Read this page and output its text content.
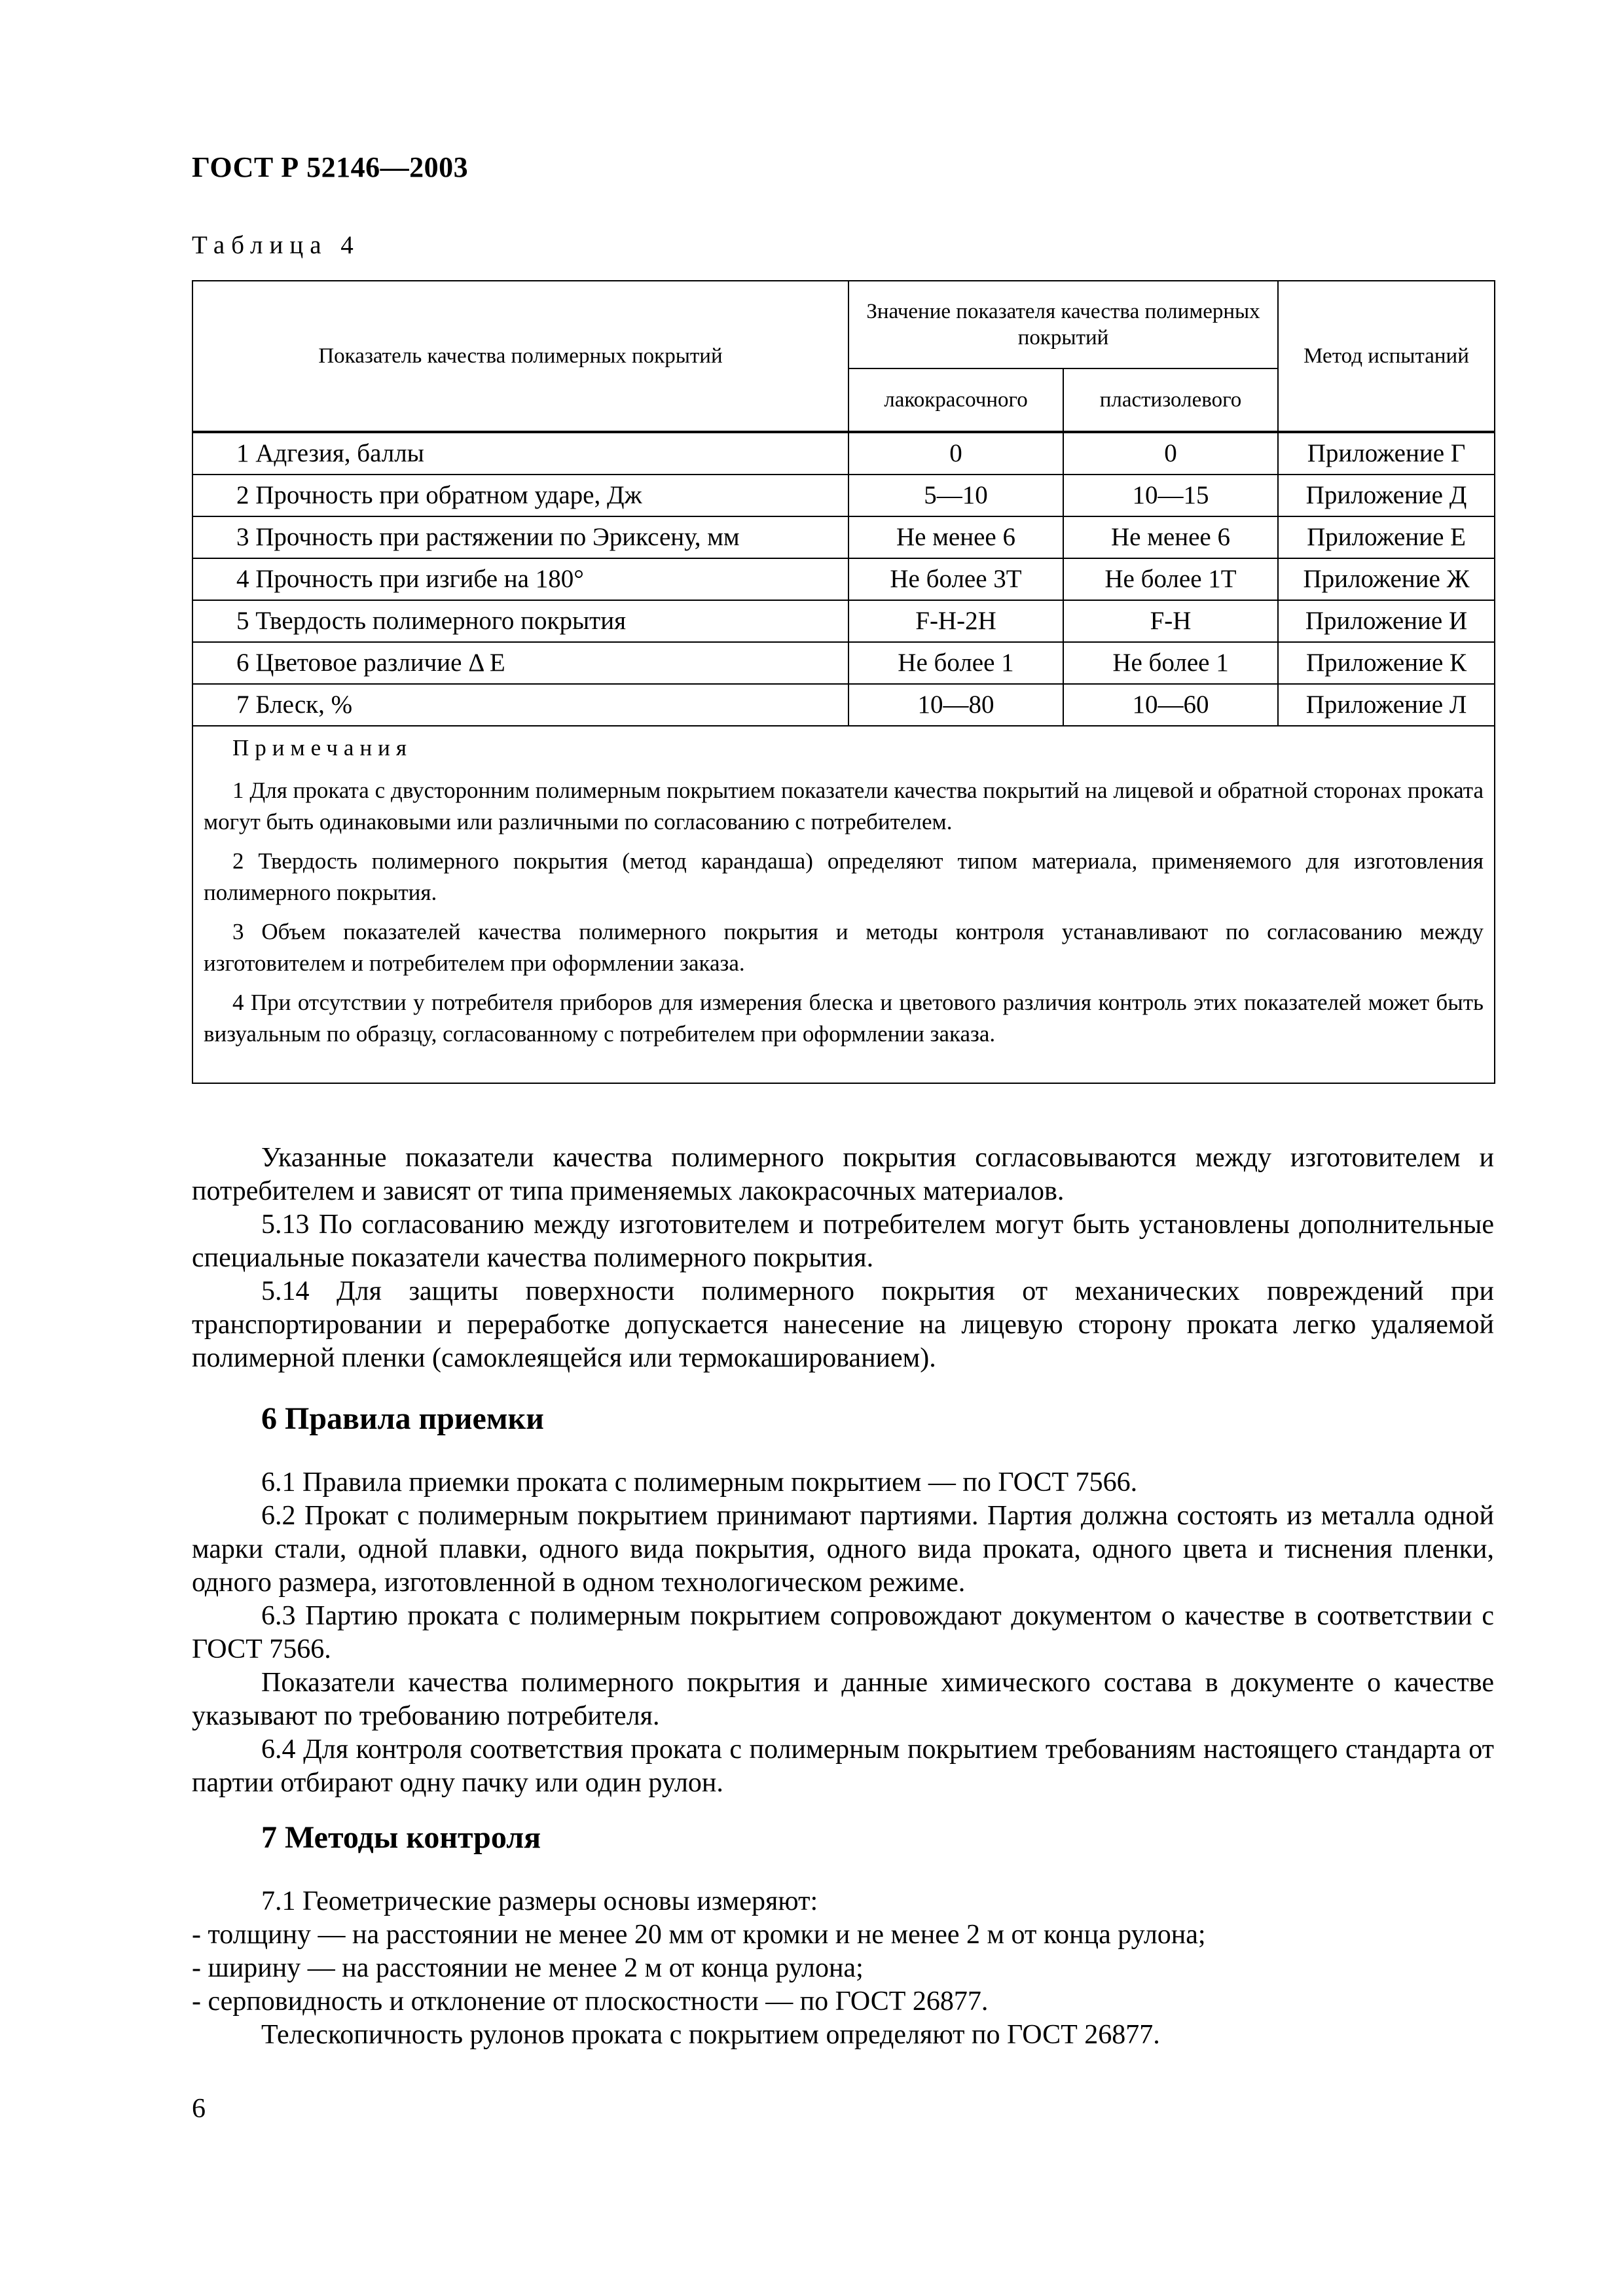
ГОСТ Р 52146—2003
Таблица 4
Показатель качества полимерных покрытий	Значение показателя качества полимерных покрытий		Метод испытаний
	лакокрасочного	пластизолевого	
1 Адгезия, баллы	0	0	Приложение Г
2 Прочность при обратном ударе, Дж	5—10	10—15	Приложение Д
3 Прочность при растяжении по Эриксену, мм	Не менее 6	Не менее 6	Приложение Е
4 Прочность при изгибе на 180°	Не более 3Т	Не более 1Т	Приложение Ж
5 Твердость полимерного покрытия	F-H-2H	F-H	Приложение И
6 Цветовое различие Δ E	Не более 1	Не более 1	Приложение К
7 Блеск, %	10—80	10—60	Приложение Л

Примечания
1 Для проката с двусторонним полимерным покрытием показатели качества покрытий на лицевой и обратной сторонах проката могут быть одинаковыми или различными по согласованию с потребителем.
2 Твердость полимерного покрытия (метод карандаша) определяют типом материала, применяемого для изготовления полимерного покрытия.
3 Объем показателей качества полимерного покрытия и методы контроля устанавливают по согласованию между изготовителем и потребителем при оформлении заказа.
4 При отсутствии у потребителя приборов для измерения блеска и цветового различия контроль этих показателей может быть визуальным по образцу, согласованному с потребителем при оформлении заказа.			

Указанные показатели качества полимерного покрытия согласовываются между изготовителем и потребителем и зависят от типа применяемых лакокрасочных материалов.

5.13 По согласованию между изготовителем и потребителем могут быть установлены дополнительные специальные показатели качества полимерного покрытия.

5.14 Для защиты поверхности полимерного покрытия от механических повреждений при транспортировании и переработке допускается нанесение на лицевую сторону проката легко удаляемой полимерной пленки (самоклеящейся или термокашированием).

6 Правила приемки

6.1 Правила приемки проката с полимерным покрытием — по ГОСТ 7566.

6.2 Прокат с полимерным покрытием принимают партиями. Партия должна состоять из металла одной марки стали, одной плавки, одного вида покрытия, одного вида проката, одного цвета и тиснения пленки, одного размера, изготовленной в одном технологическом режиме.

6.3 Партию проката с полимерным покрытием сопровождают документом о качестве в соответствии с ГОСТ 7566.

Показатели качества полимерного покрытия и данные химического состава в документе о качестве указывают по требованию потребителя.

6.4 Для контроля соответствия проката с полимерным покрытием требованиям настоящего стандарта от партии отбирают одну пачку или один рулон.

7 Методы контроля

7.1 Геометрические размеры основы измеряют:

- толщину — на расстоянии не менее 20 мм от кромки и не менее 2 м от конца рулона;

- ширину — на расстоянии не менее 2 м от конца рулона;

- серповидность и отклонение от плоскостности — по ГОСТ 26877.

Телескопичность рулонов проката с покрытием определяют по ГОСТ 26877.

6
